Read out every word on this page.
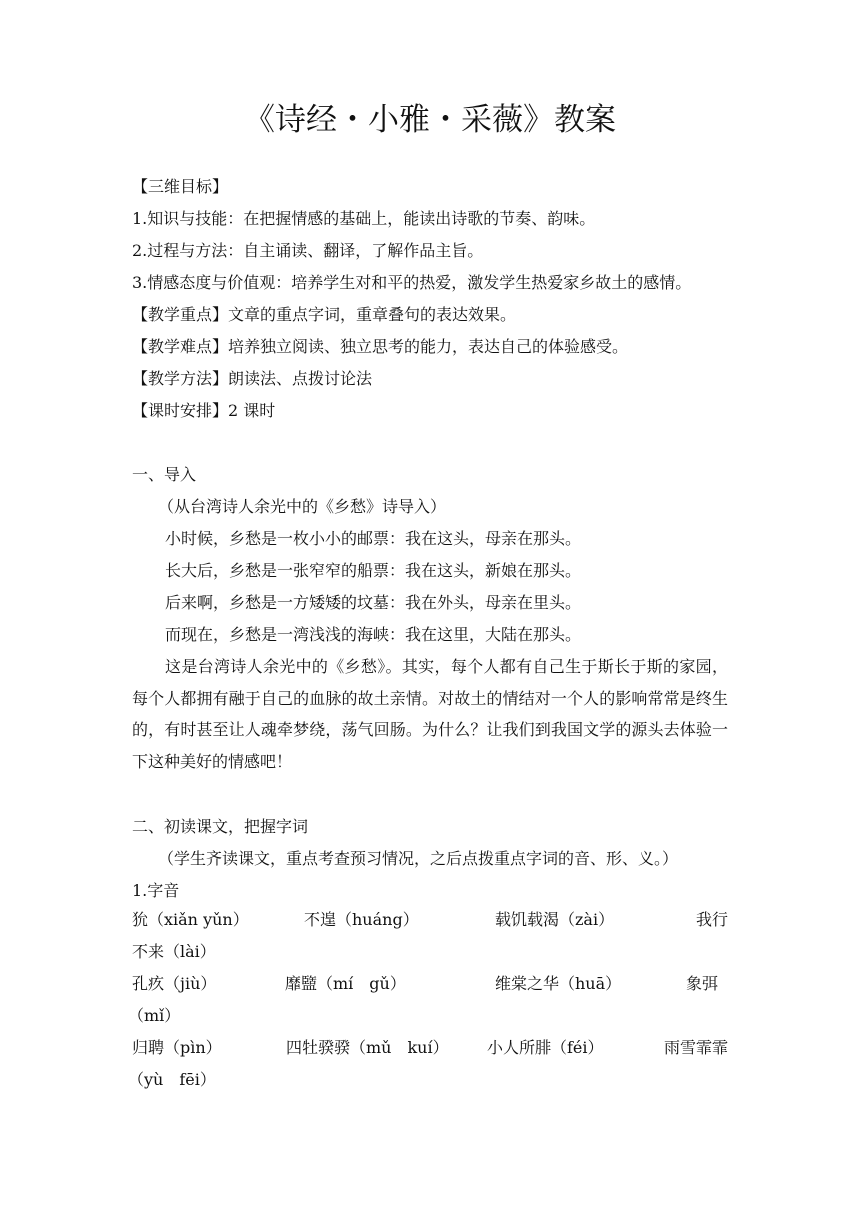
《诗经・小雅・采薇》教案
【三维目标】
1.知识与技能：在把握情感的基础上，能读出诗歌的节奏、韵味。
2.过程与方法：自主诵读、翻译，了解作品主旨。
3.情感态度与价值观：培养学生对和平的热爱，激发学生热爱家乡故土的感情。
【教学重点】文章的重点字词，重章叠句的表达效果。
【教学难点】培养独立阅读、独立思考的能力，表达自己的体验感受。
【教学方法】朗读法、点拨讨论法
【课时安排】2 课时
一、导入
（从台湾诗人余光中的《乡愁》诗导入）
小时候，乡愁是一枚小小的邮票：我在这头，母亲在那头。
长大后，乡愁是一张窄窄的船票：我在这头，新娘在那头。
后来啊，乡愁是一方矮矮的坟墓：我在外头，母亲在里头。
而现在，乡愁是一湾浅浅的海峡：我在这里，大陆在那头。
这是台湾诗人余光中的《乡愁》。其实，每个人都有自己生于斯长于斯的家园，每个人都拥有融于自己的血脉的故土亲情。对故土的情结对一个人的影响常常是终生的，有时甚至让人魂牵梦绕，荡气回肠。为什么？让我们到我国文学的源头去体验一下这种美好的情感吧！
二、初读课文，把握字词
（学生齐读课文，重点考查预习情况，之后点拨重点字词的音、形、义。）
1.字音
狁（xiǎn yǔn）	不遑（huáng）	载饥载渴（zài）	我行
不来（lài）
孔疚（jiù）	靡盬（mí　gǔ）	维棠之华（huā）	象弭
（mǐ）
归聘（pìn）	四牡骙骙（mǔ　kuí） 小人所腓（féi）	雨雪霏霏
（yù　fēi）
